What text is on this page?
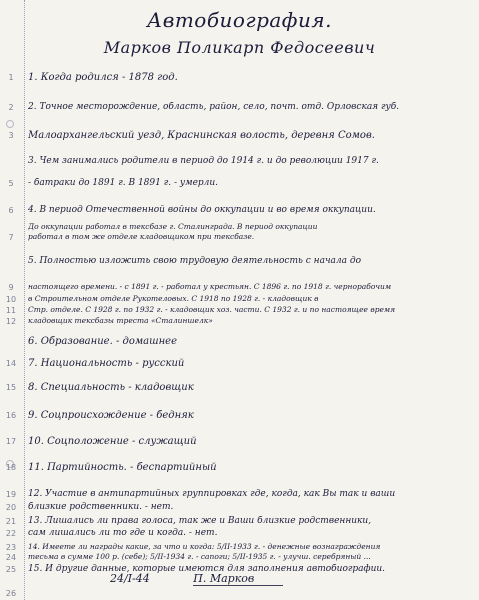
Автобиография.
Марков Поликарп Федосеевич
1	1. Когда родился - 1878 год.
2	2. Точное месторождение, область, район, село, почт. отд. Орловская губ.
3	Малоархангельский уезд, Краснинская волость, деревня Сомов.
3. Чем занимались родители в период до 1914 г. и до революции 1917 г.
5	- батраки до 1891 г. В 1891 г. - умерли.
6	4. В период Отечественной войны до оккупации и во время оккупации.
До оккупации работал в тексбазе г. Сталинграда. В период оккупации
7	работал в том же отделе кладовщиком при тексбазе.
5. Полностью изложить свою трудовую деятельность с начала до
9	настоящего времени. - с 1891 г. - работал у крестьян. С 1896 г. по 1918 г. чернорабочим
10	в Строительном отделе Рукотеловых. С 1918 по 1928 г. - кладовщик в
11	Стр. отделе. С 1928 г. по 1932 г. - кладовщик хоз. части. С 1932 г. и по настоящее время
12	кладовщик тексбазы треста «Сталиншелк»
6. Образование. - домашнее
14	7. Национальность - русский
15	8. Специальность - кладовщик
16	9. Соцпроисхождение - бедняк
17	10. Соцположение - служащий
18	11. Партийность. - беспартийный
19	12. Участие в антипартийных группировках где, когда, как Вы так и ваши
20	близкие родственники. - нет.
21	13. Лишались ли права голоса, так же и Ваши близкие родственники,
22	сам лишались ли то где и когда. - нет.
23	14. Имеете ли награды какие, за что и когда: 5/II-1933 г. - денежные вознаграждения
24	тесьма в сумме 100 р. (себе); 5/II-1934 г. - сапоги; 5/II-1935 г. - улучш. серебряный ...
25	15. И другие данные, которые имеются для заполнения автобиографии.
26
24/I-44	П. Марков
